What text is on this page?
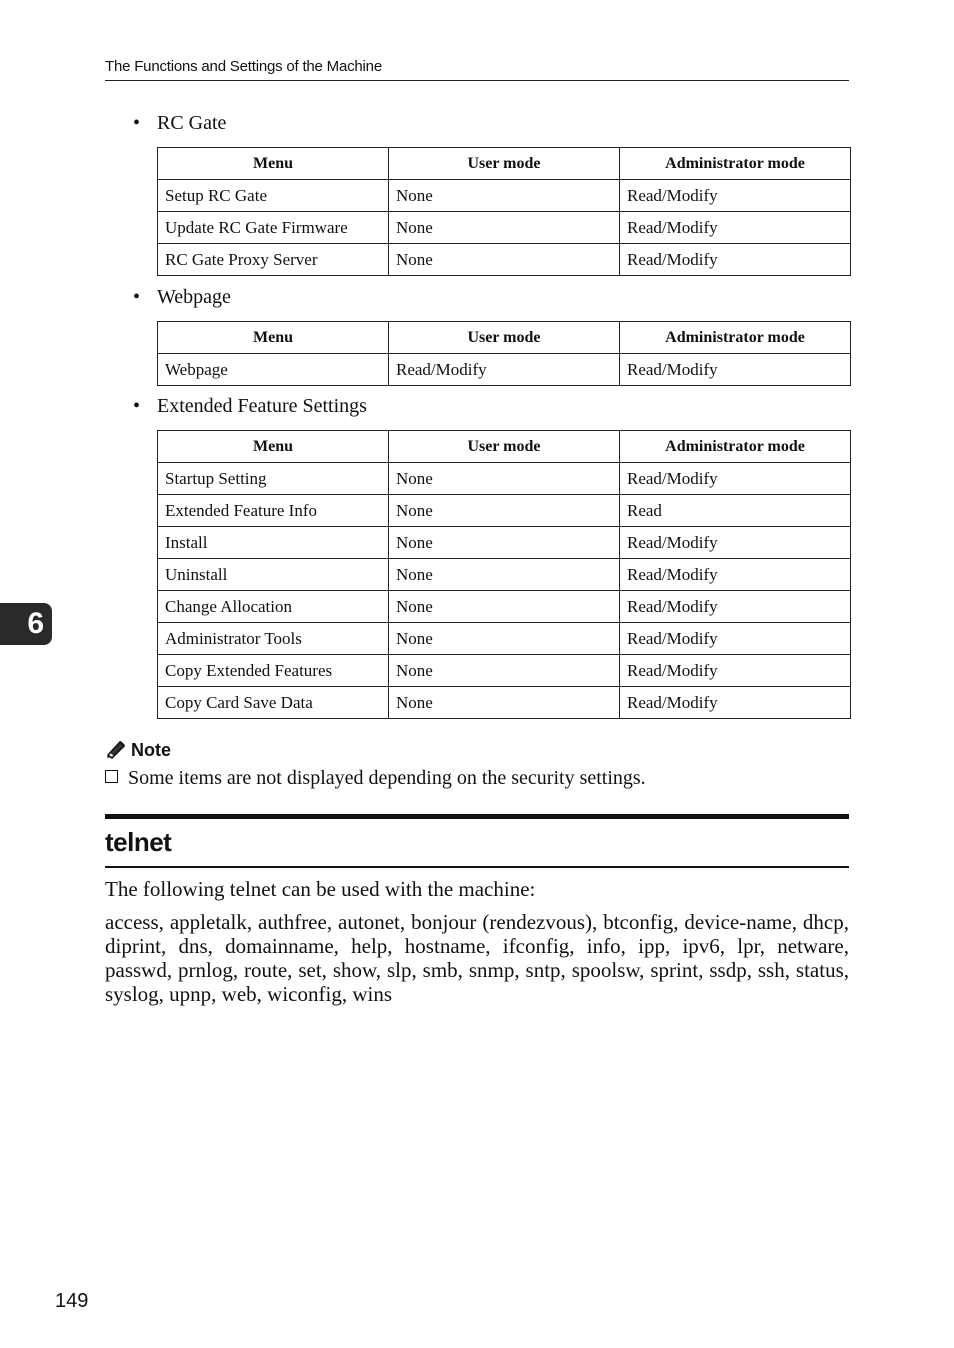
The Functions and Settings of the Machine
6
• RC Gate
Menu	User mode	Administrator mode
Setup RC Gate	None	Read/Modify
Update RC Gate Firmware	None	Read/Modify
RC Gate Proxy Server	None	Read/Modify
• Webpage
Menu	User mode	Administrator mode
Webpage	Read/Modify	Read/Modify
• Extended Feature Settings
Menu	User mode	Administrator mode
Startup Setting	None	Read/Modify
Extended Feature Info	None	Read
Install	None	Read/Modify
Uninstall	None	Read/Modify
Change Allocation	None	Read/Modify
Administrator Tools	None	Read/Modify
Copy Extended Features	None	Read/Modify
Copy Card Save Data	None	Read/Modify
Note
Some items are not displayed depending on the security settings.
telnet
The following telnet can be used with the machine:
access, appletalk, authfree, autonet, bonjour (rendezvous), btconfig, device-name, dhcp, diprint, dns, domainname, help, hostname, ifconfig, info, ipp, ipv6, lpr, netware, passwd, prnlog, route, set, show, slp, smb, snmp, sntp, spoolsw, sprint, ssdp, ssh, status, syslog, upnp, web, wiconfig, wins
149
